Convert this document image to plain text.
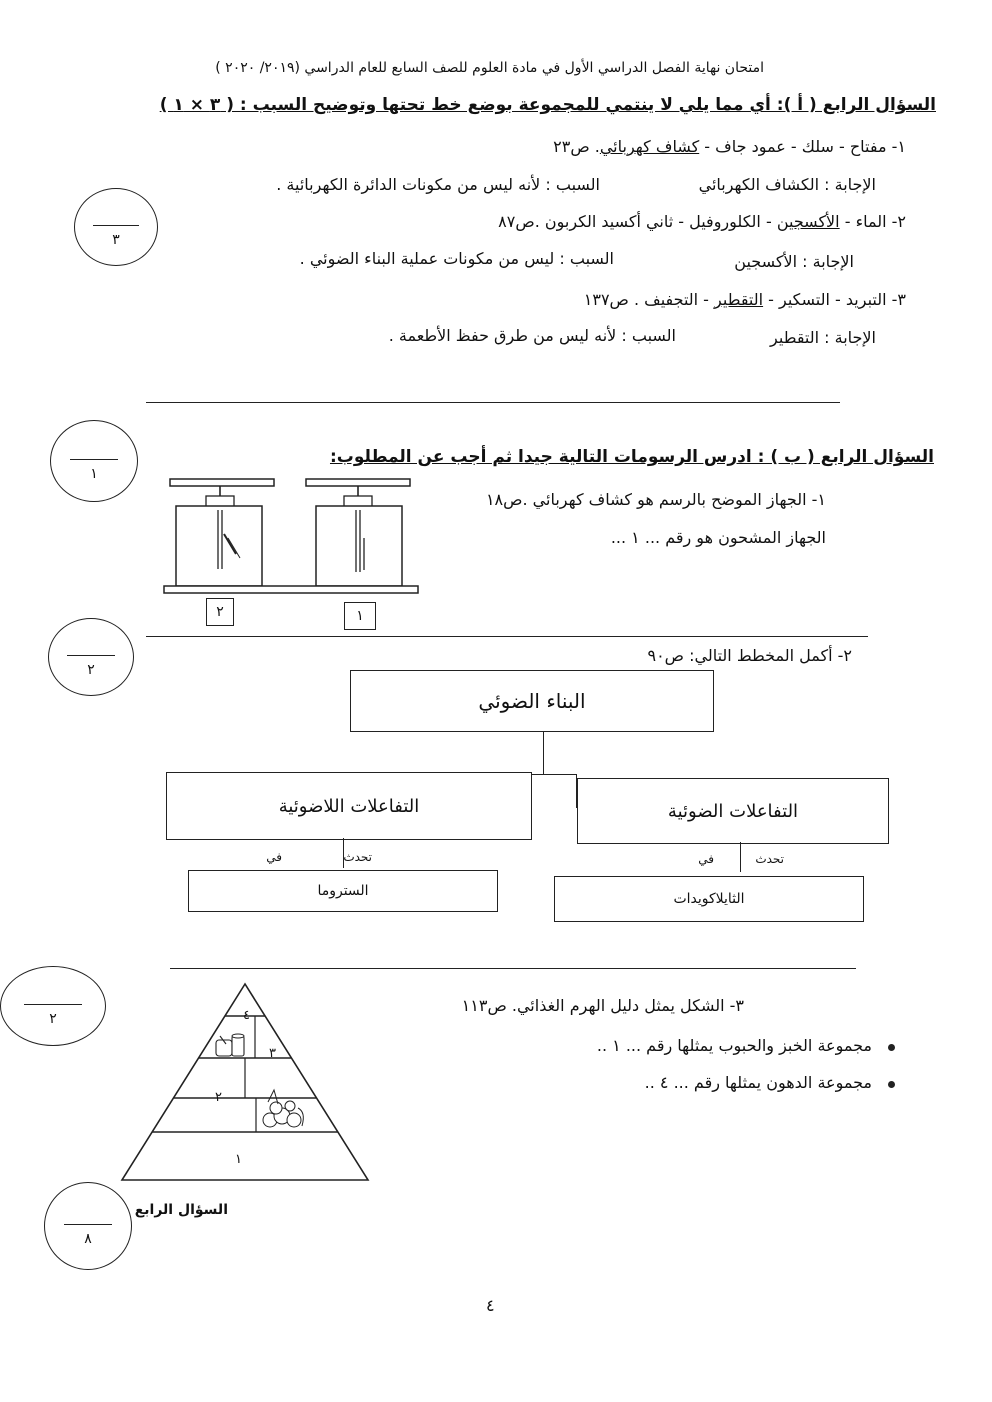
امتحان نهاية الفصل الدراسي الأول في مادة العلوم للصف السابع للعام الدراسي (٢٠١٩/ ٢٠٢٠ )
السؤال الرابع ( أ ): أي مما يلي لا ينتمي للمجموعة بوضع خط تحتها وتوضيح السبب : ( ٣ × ١ )
١- مفتاح - سلك - عمود جاف - كشاف كهربائي. ص٢٣
الإجابة : الكشاف الكهربائي
السبب : لأنه ليس من مكونات الدائرة الكهربائية .
٢- الماء - الأكسجين - الكلوروفيل - ثاني أكسيد الكربون .ص٨٧
الإجابة : الأكسجين
السبب : ليس من مكونات عملية البناء الضوئي .
٣- التبريد - التسكير - التقطير - التجفيف . ص١٣٧
الإجابة : التقطير
السبب : لأنه ليس من طرق حفظ الأطعمة .
٣
١
السؤال الرابع ( ب ) : ادرس الرسومات التالية جيدا ثم أجب عن المطلوب:
١- الجهاز الموضح بالرسم هو كشاف كهربائي .ص١٨
الجهاز المشحون هو رقم ... ١ ...
٢	١
٢
٢- أكمل المخطط التالي: ص٩٠
البناء الضوئي
التفاعلات اللاضوئية	التفاعلات الضوئية
تحدث
في	تحدث
في
الستروما	الثايلاكويدات
٢	٤
٣
٢
١
٣- الشكل يمثل دليل الهرم الغذائي. ص١١٣
مجموعة الخبز والحبوب يمثلها رقم ... ١ ..
مجموعة الدهون يمثلها رقم ... ٤ ..
السؤال الرابع
٨
٤
